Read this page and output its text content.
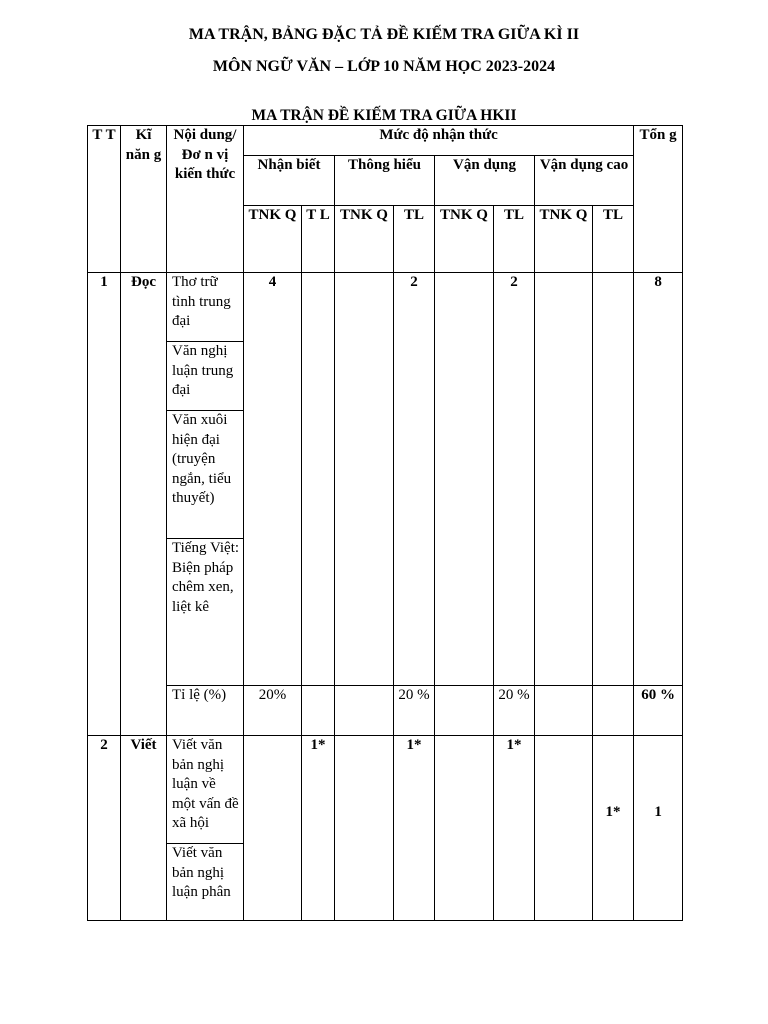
MA TRẬN, BẢNG ĐẶC TẢ ĐỀ KIẾM TRA GIỮA KÌ II
MÔN NGỮ VĂN – LỚP 10 NĂM HỌC 2023-2024
MA TRẬN ĐỀ KIẾM TRA GIỮA HKII
T T	Kĩ năn g	Nội dung/Đơ n vị kiến thức	Mức độ nhận thức								Tổn g
			Nhận biết		Thông hiểu		Vận dụng		Vận dụng cao		
			TNK Q	T L	TNK Q	TL	TNK Q	TL	TNK Q	TL	
1	Đọc	Thơ trữ tình trung đại	4			2		2			8
		Văn nghị luận trung đại									
		Văn xuôi hiện đại (truyện ngắn, tiểu thuyết)									
		Tiếng Việt: Biện pháp chêm xen, liệt kê									
		Tỉ lệ (%)	20%			20 %		20 %			60 %
2	Viết	Viết văn bản nghị luận về một vấn đề xã hội		1*		1*		1*		1*	1

		Viết văn bản nghị luận phân									
